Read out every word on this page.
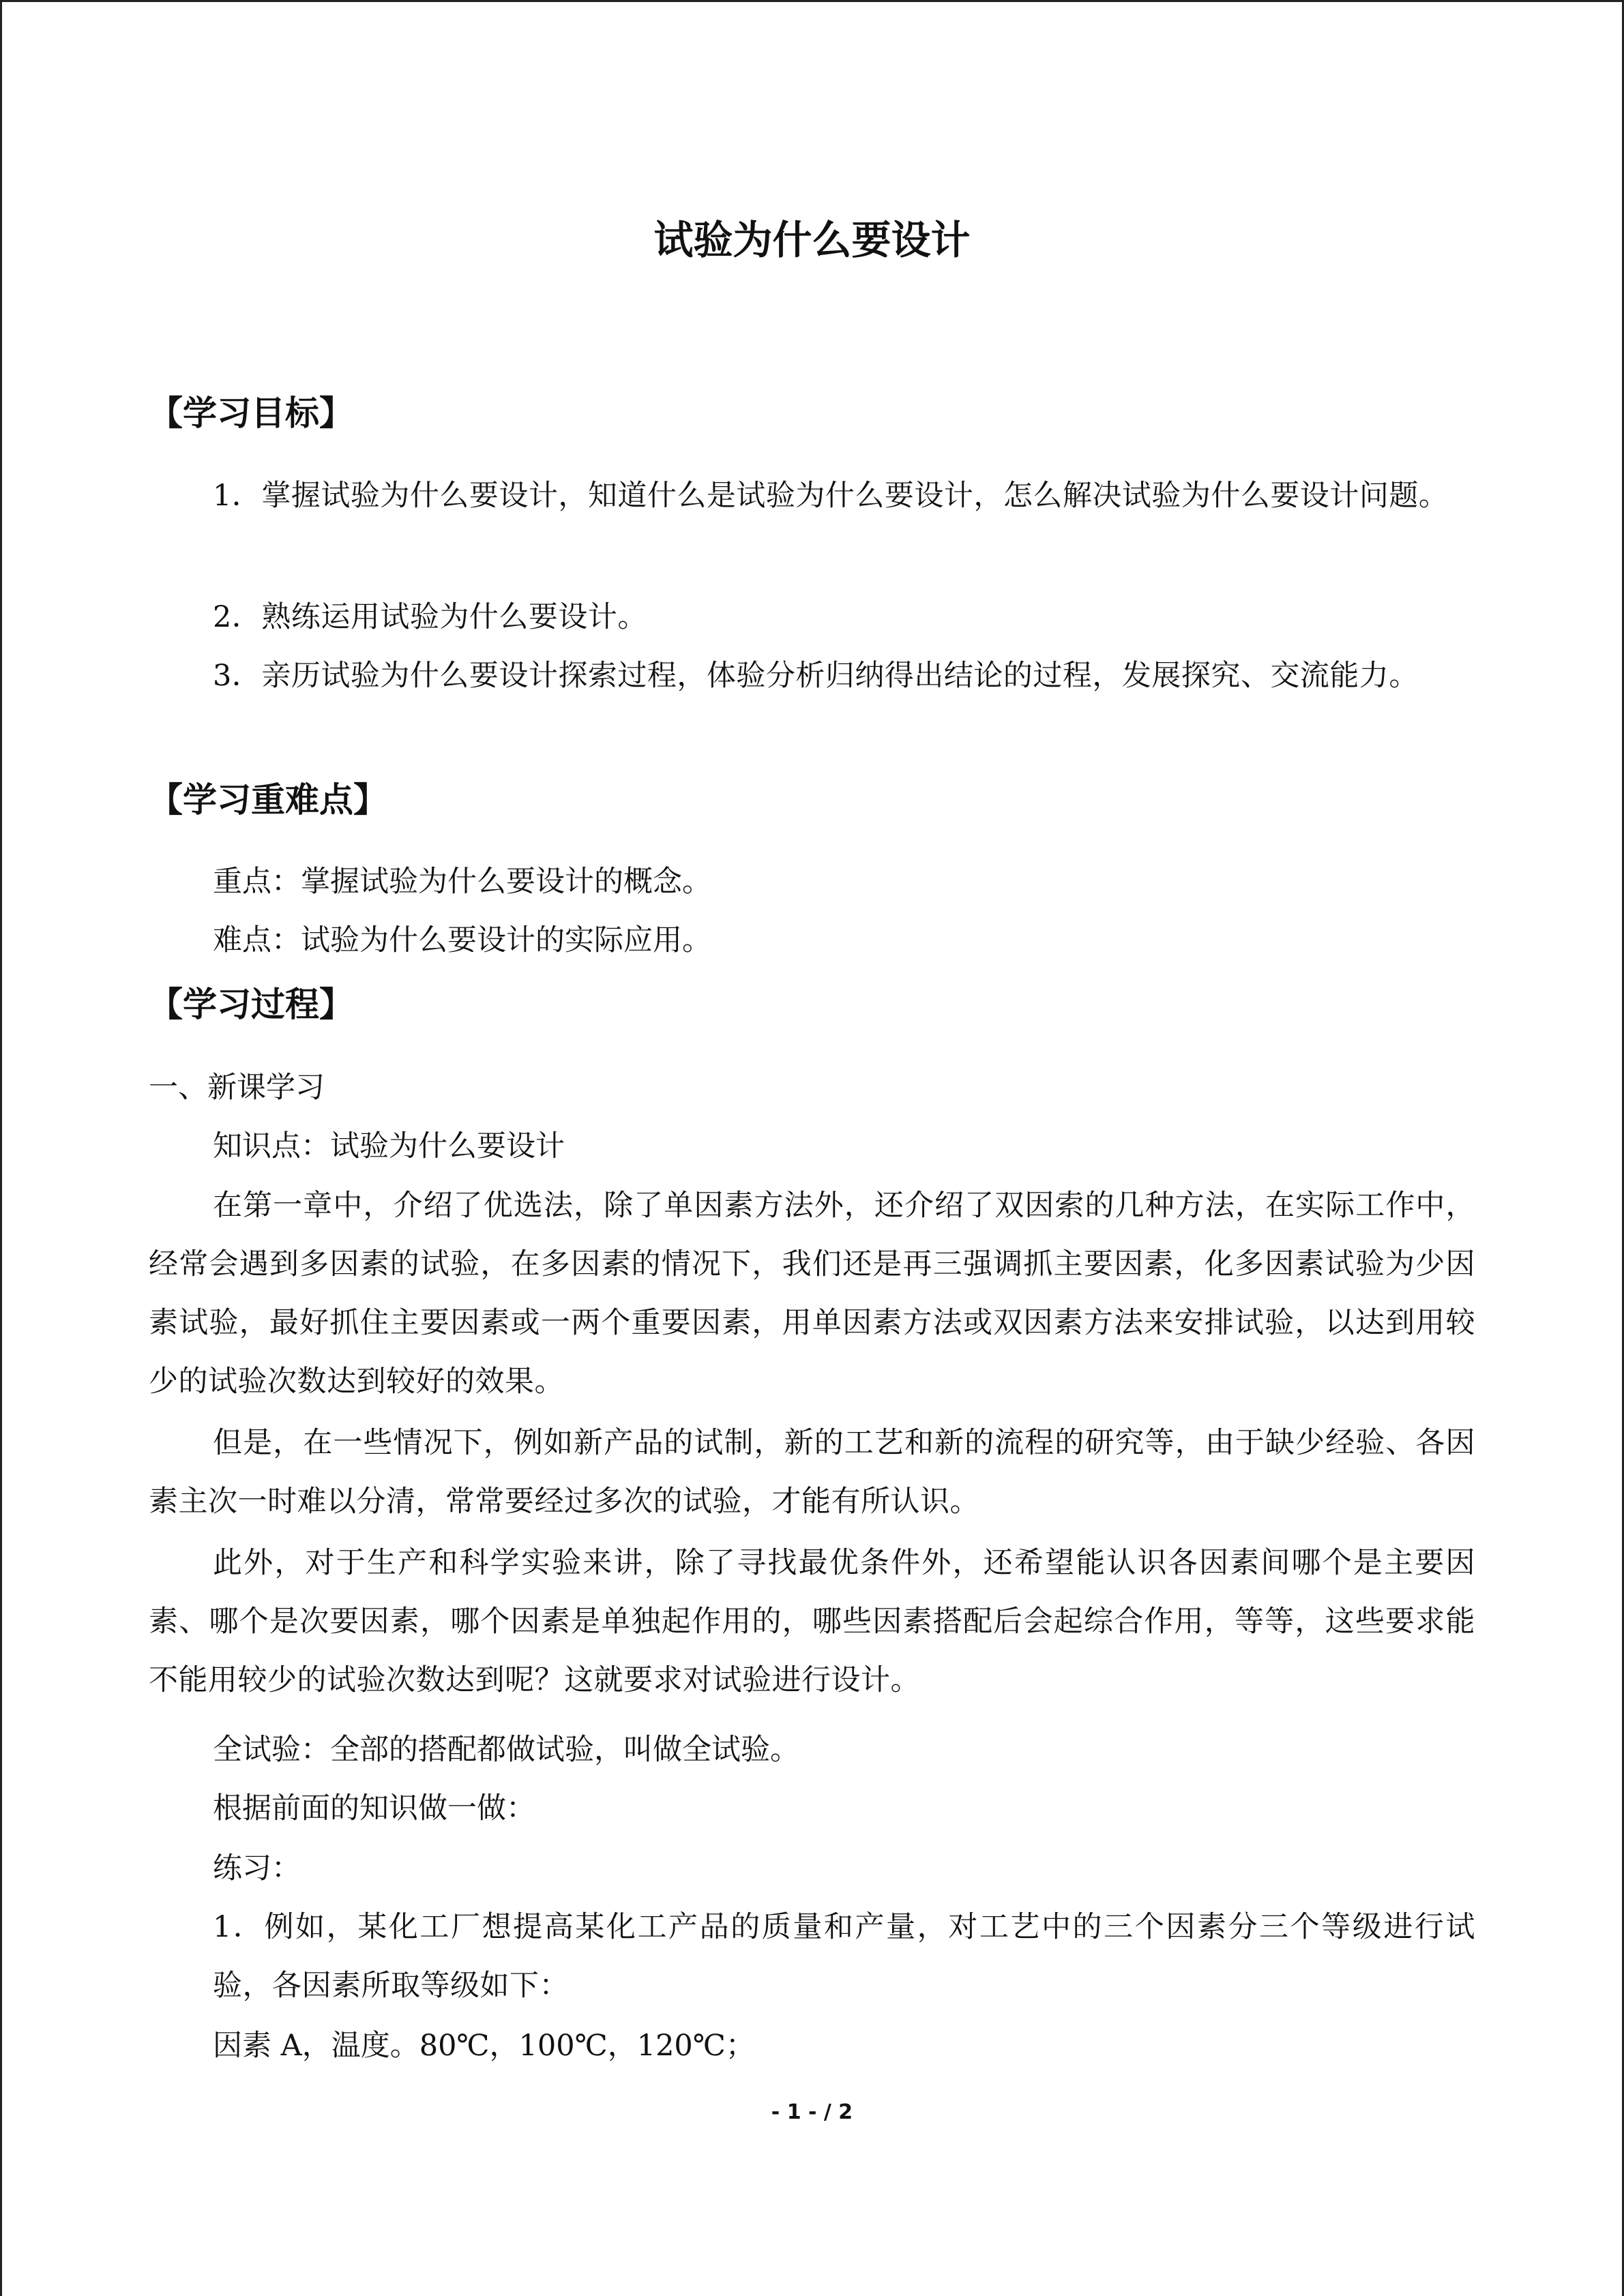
试验为什么要设计
【学习目标】

1．掌握试验为什么要设计，知道什么是试验为什么要设计，怎么解决试验为什么要设计问题。

2．熟练运用试验为什么要设计。

3．亲历试验为什么要设计探索过程，体验分析归纳得出结论的过程，发展探究、交流能力。

【学习重难点】

重点：掌握试验为什么要设计的概念。

难点：试验为什么要设计的实际应用。

【学习过程】

一、新课学习

知识点：试验为什么要设计

在第一章中，介绍了优选法，除了单因素方法外，还介绍了双因索的几种方法，在实际工作中，经常会遇到多因素的试验，在多因素的情况下，我们还是再三强调抓主要因素，化多因素试验为少因素试验，最好抓住主要因素或一两个重要因素，用单因素方法或双因素方法来安排试验，以达到用较少的试验次数达到较好的效果。

但是，在一些情况下，例如新产品的试制，新的工艺和新的流程的研究等，由于缺少经验、各因素主次一时难以分清，常常要经过多次的试验，才能有所认识。

此外，对于生产和科学实验来讲，除了寻找最优条件外，还希望能认识各因素间哪个是主要因素、哪个是次要因素，哪个因素是单独起作用的，哪些因素搭配后会起综合作用，等等，这些要求能不能用较少的试验次数达到呢？这就要求对试验进行设计。

全试验：全部的搭配都做试验，叫做全试验。

根据前面的知识做一做：

练习：

1．例如，某化工厂想提高某化工产品的质量和产量，对工艺中的三个因素分三个等级进行试验，各因素所取等级如下：

因素 A，温度。80℃，100℃，120℃；

- 1 - / 2
